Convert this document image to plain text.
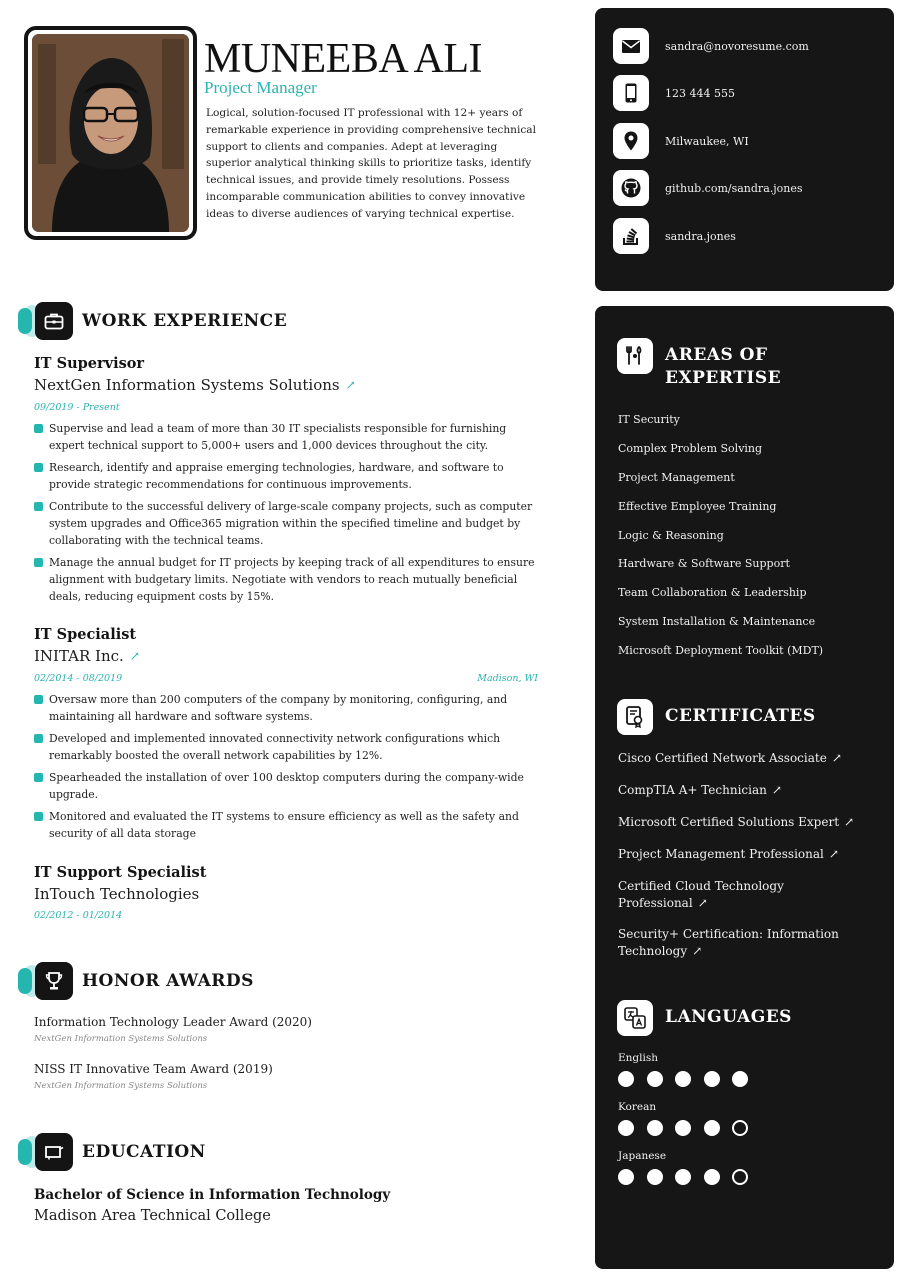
MUNEEBA ALI
Project Manager

Logical, solution-focused IT professional with 12+ years of remarkable experience in providing comprehensive technical support to clients and companies. Adept at leveraging superior analytical thinking skills to prioritize tasks, identify technical issues, and provide timely resolutions. Possess incomparable communication abilities to convey innovative ideas to diverse audiences of varying technical expertise.

WORK EXPERIENCE
IT Supervisor
NextGen Information Systems Solutions ↗
09/2019 - Present
Supervise and lead a team of more than 30 IT specialists responsible for furnishing expert technical support to 5,000+ users and 1,000 devices throughout the city.
Research, identify and appraise emerging technologies, hardware, and software to provide strategic recommendations for continuous improvements.
Contribute to the successful delivery of large-scale company projects, such as computer system upgrades and Office365 migration within the specified timeline and budget by collaborating with the technical teams.
Manage the annual budget for IT projects by keeping track of all expenditures to ensure alignment with budgetary limits. Negotiate with vendors to reach mutually beneficial deals, reducing equipment costs by 15%.
IT Specialist
INITAR Inc. ↗
02/2014 - 08/2019	Madison, WI
Oversaw more than 200 computers of the company by monitoring, configuring, and maintaining all hardware and software systems.
Developed and implemented innovated connectivity network configurations which remarkably boosted the overall network capabilities by 12%.
Spearheaded the installation of over 100 desktop computers during the company-wide upgrade.
Monitored and evaluated the IT systems to ensure efficiency as well as the safety and security of all data storage
IT Support Specialist
InTouch Technologies
02/2012 - 01/2014
HONOR AWARDS
Information Technology Leader Award (2020)
NextGen Information Systems Solutions
NISS IT Innovative Team Award (2019)
NextGen Information Systems Solutions
EDUCATION
Bachelor of Science in Information Technology
Madison Area Technical College
sandra@novoresume.com
123 444 555
Milwaukee, WI
github.com/sandra.jones
sandra.jones
AREAS OF
EXPERTISE
IT Security
Complex Problem Solving
Project Management
Effective Employee Training
Logic & Reasoning
Hardware & Software Support
Team Collaboration & Leadership
System Installation & Maintenance
Microsoft Deployment Toolkit (MDT)
CERTIFICATES
Cisco Certified Network Associate ↗
CompTIA A+ Technician ↗
Microsoft Certified Solutions Expert ↗
Project Management Professional ↗
Certified Cloud Technology Professional ↗
Security+ Certification: Information Technology ↗
LANGUAGES
English
Korean
Japanese
